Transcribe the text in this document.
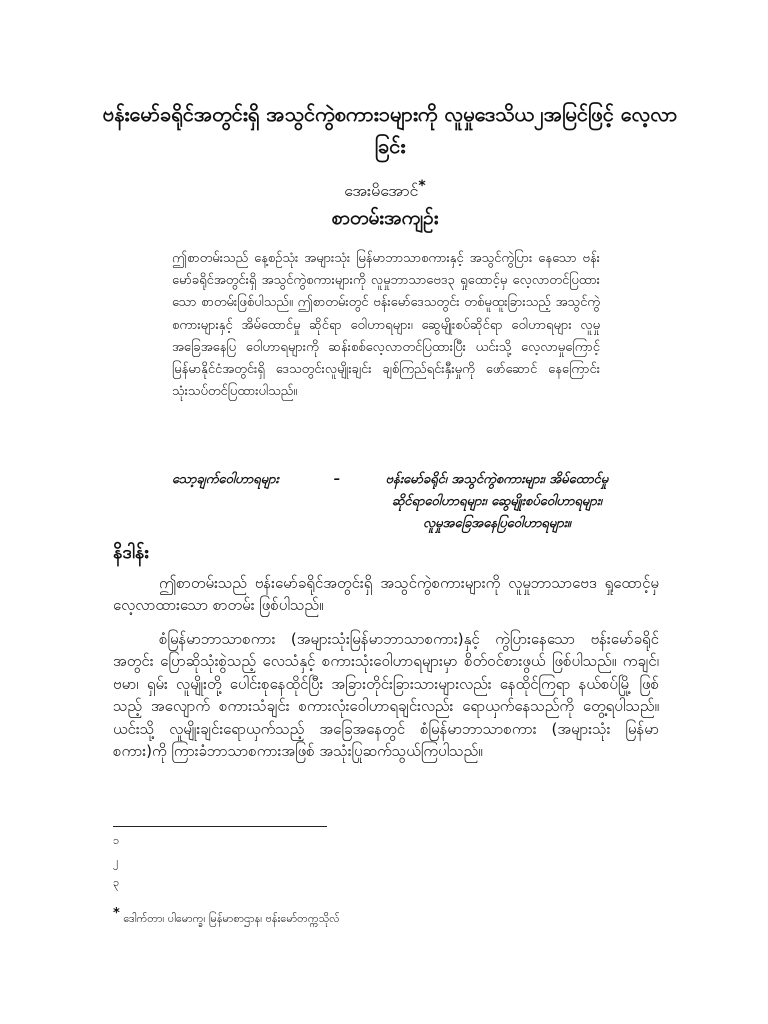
ဗန်းမော်ခရိုင်အတွင်းရှိ အသွင်ကွဲစကား၁များကို လူမှုဒေသိယ၂အမြင်ဖြင့် လေ့လာခြင်း

အေးမိအောင်*

စာတမ်းအကျဉ်း

ဤစာတမ်းသည် နေ့စဉ်သုံး အများသုံး မြန်မာဘာသာစကားနှင့် အသွင်ကွဲပြား နေသော ဗန်းမော်ခရိုင်အတွင်းရှိ အသွင်ကွဲစကားများကို လူမှုဘာသာဗေဒ၃ ရှုထောင့်မှ လေ့လာတင်ပြထားသော စာတမ်းဖြစ်ပါသည်။ ဤစာတမ်းတွင် ဗန်းမော်ဒေသတွင်း တစ်မူထူးခြားသည့် အသွင်ကွဲစကားများနှင့် အိမ်ထောင်မှု ဆိုင်ရာ ဝေါဟာရများ၊ ဆွေမျိုးစပ်ဆိုင်ရာ ဝေါဟာရများ လူမှုအခြေအနေပြ ဝေါဟာရများကို ဆန်းစစ်လေ့လာတင်ပြထားပြီး ယင်းသို့ လေ့လာမှုကြောင့် မြန်မာနိုင်ငံအတွင်းရှိ ဒေသတွင်းလူမျိုးချင်း ချစ်ကြည်ရင်းနှီးမှုကို ဖော်ဆောင် နေကြောင်း သုံးသပ်တင်ပြထားပါသည်။

သော့ချက်ဝေါဟာရများ	–	ဗန်းမော်ခရိုင်၊ အသွင်ကွဲစကားများ၊ အိမ်ထောင်မှု
ဆိုင်ရာဝေါဟာရများ၊ ဆွေမျိုးစပ်ဝေါဟာရများ၊
လူမှုအခြေအနေပြဝေါဟာရများ။
နိဒါန်း

ဤစာတမ်းသည် ဗန်းမော်ခရိုင်အတွင်းရှိ အသွင်ကွဲစကားများကို လူမှုဘာသာဗေဒ ရှုထောင့်မှ လေ့လာထားသော စာတမ်း ဖြစ်ပါသည်။

စံမြန်မာဘာသာစကား (အများသုံးမြန်မာဘာသာစကား)နှင့် ကွဲပြားနေသော ဗန်းမော်ခရိုင်အတွင်း ပြောဆိုသုံးစွဲသည့် လေသံနှင့် စကားသုံးဝေါဟာရများမှာ စိတ်ဝင်စားဖွယ် ဖြစ်ပါသည်။ ကချင်၊ ဗမာ၊ ရှမ်း လူမျိုးတို့ ပေါင်းစုနေထိုင်ပြီး အခြားတိုင်းခြားသားများလည်း နေထိုင်ကြရာ နယ်စပ်မြို့ ဖြစ်သည့် အလျောက် စကားသံချင်း စကားလုံးဝေါဟာရချင်းလည်း ရောယှက်နေသည်ကို တွေ့ရပါသည်။ ယင်းသို့ လူမျိုးချင်းရောယှက်သည့် အခြေအနေတွင် စံမြန်မာဘာသာစကား (အများသုံး မြန်မာစကား)ကို ကြားခံဘာသာစကားအဖြစ် အသုံးပြုဆက်သွယ်ကြပါသည်။

၁

၂

၃

* ဒေါက်တာ၊ ပါမောက္ခ၊ မြန်မာစာဌာန၊ ဗန်းမော်တက္ကသိုလ်
